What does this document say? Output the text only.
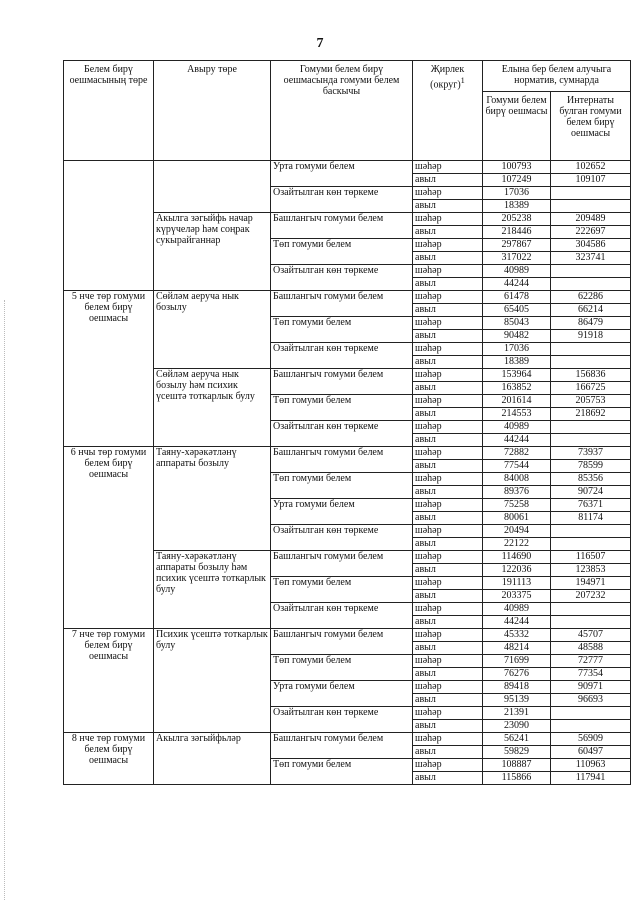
7
Белем бирү оешмасының төре	Авыру төре	Гомуми белем бирү оешмасында гомуми белем баскычы	Җирлек (округ)$^1$	Елына бер белем алучыга норматив, сумнарда	
				Гомуми белем бирү оешмасы	Интернаты булган гомуми белем бирү оешмасы
		Урта гомуми белем	шәһәр	100793	102652
			авыл	107249	109107
		Озайтылган көн төркеме	шәһәр	17036	
			авыл	18389	
	Акылга зәгыйфь начар күрүчеләр һәм соңрак сукырайганнар	Башлангыч гомуми белем	шәһәр	205238	209489
			авыл	218446	222697
		Төп гомуми белем	шәһәр	297867	304586
			авыл	317022	323741
		Озайтылган көн төркеме	шәһәр	40989	
			авыл	44244	
5 нче төр гомуми белем бирү оешмасы	Сөйләм аеруча нык бозылу	Башлангыч гомуми белем	шәһәр	61478	62286
			авыл	65405	66214
		Төп гомуми белем	шәһәр	85043	86479
			авыл	90482	91918
		Озайтылган көн төркеме	шәһәр	17036	
			авыл	18389	
	Сөйләм аеруча нык бозылу һәм психик үсештә тоткарлык булу	Башлангыч гомуми белем	шәһәр	153964	156836
			авыл	163852	166725
		Төп гомуми белем	шәһәр	201614	205753
			авыл	214553	218692
		Озайтылган көн төркеме	шәһәр	40989	
			авыл	44244	
6 нчы төр гомуми белем бирү оешмасы	Таяну-хәрәкәтләнү аппараты бозылу	Башлангыч гомуми белем	шәһәр	72882	73937
			авыл	77544	78599
		Төп гомуми белем	шәһәр	84008	85356
			авыл	89376	90724
		Урта гомуми белем	шәһәр	75258	76371
			авыл	80061	81174
		Озайтылган көн төркеме	шәһәр	20494	
			авыл	22122	
	Таяну-хәрәкәтләнү аппараты бозылу һәм психик үсештә тоткарлык булу	Башлангыч гомуми белем	шәһәр	114690	116507
			авыл	122036	123853
		Төп гомуми белем	шәһәр	191113	194971
			авыл	203375	207232
		Озайтылган көн төркеме	шәһәр	40989	
			авыл	44244	
7 нче төр гомуми белем бирү оешмасы	Психик үсештә тоткарлык булу	Башлангыч гомуми белем	шәһәр	45332	45707
			авыл	48214	48588
		Төп гомуми белем	шәһәр	71699	72777
			авыл	76276	77354
		Урта гомуми белем	шәһәр	89418	90971
			авыл	95139	96693
		Озайтылган көн төркеме	шәһәр	21391	
			авыл	23090	
8 нче төр гомуми белем бирү оешмасы	Акылга зәгыйфьләр	Башлангыч гомуми белем	шәһәр	56241	56909
			авыл	59829	60497
		Төп гомуми белем	шәһәр	108887	110963
			авыл	115866	117941
